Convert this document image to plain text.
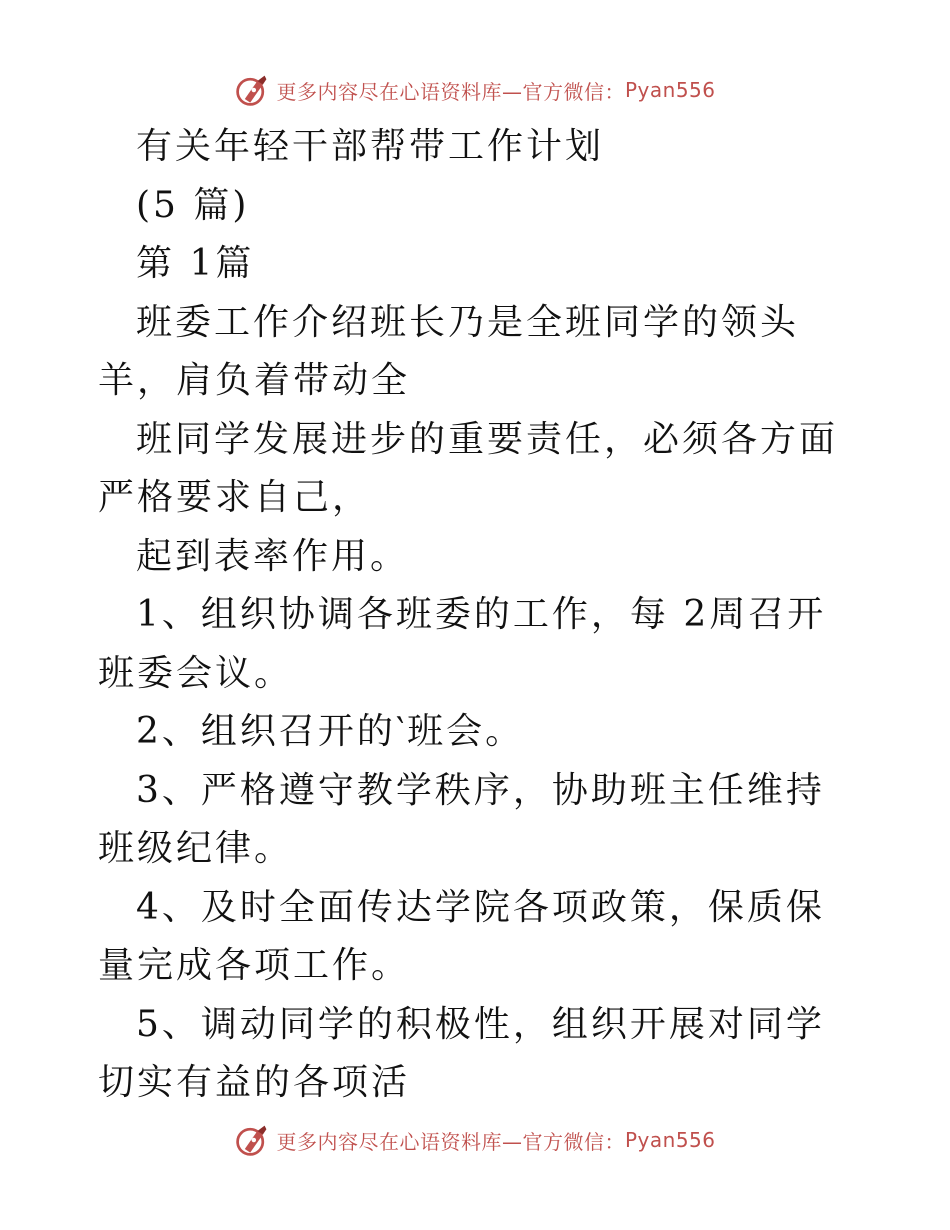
更多内容尽在心语资料库—官方微信： Pyan556

有关年轻干部帮带工作计划

(5 篇)

第 1篇

班委工作介绍班长乃是全班同学的领头羊，肩负着带动全

班同学发展进步的重要责任，必须各方面严格要求自己，

起到表率作用。

1、组织协调各班委的工作，每 2周召开班委会议。

2、组织召开的‵班会。

3、严格遵守教学秩序，协助班主任维持班级纪律。

4、及时全面传达学院各项政策，保质保量完成各项工作。

5、调动同学的积极性，组织开展对同学切实有益的各项活

更多内容尽在心语资料库—官方微信： Pyan556
